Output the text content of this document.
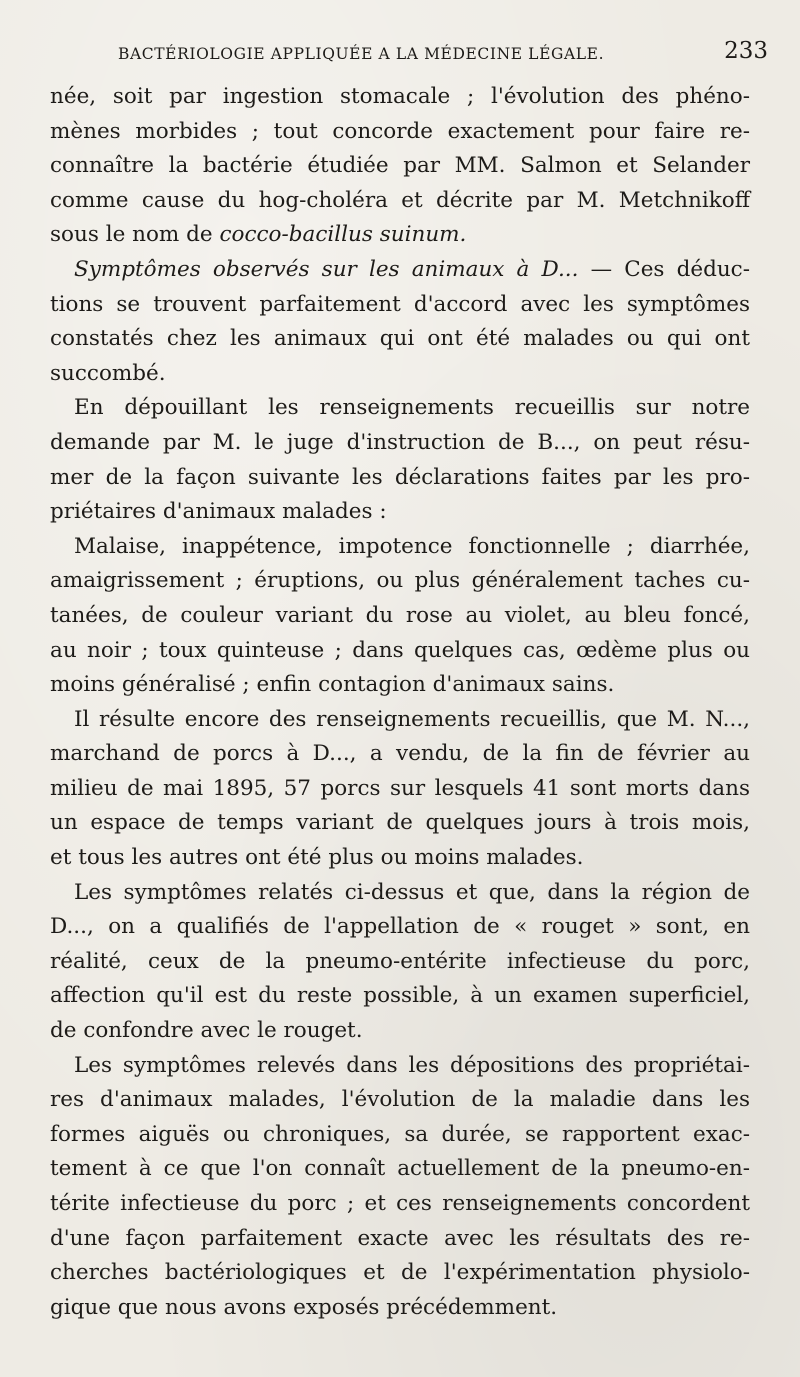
BACTÉRIOLOGIE APPLIQUÉE A LA MÉDECINE LÉGALE.	233
née, soit par ingestion stomacale ; l'évolution des phéno-
mènes morbides ; tout concorde exactement pour faire re-
connaître la bactérie étudiée par MM. Salmon et Selander
comme cause du hog-choléra et décrite par M. Metchnikoff
sous le nom de cocco-bacillus suinum.
Symptômes observés sur les animaux à D... — Ces déduc-
tions se trouvent parfaitement d'accord avec les symptômes
constatés chez les animaux qui ont été malades ou qui ont
succombé.
En dépouillant les renseignements recueillis sur notre
demande par M. le juge d'instruction de B..., on peut résu-
mer de la façon suivante les déclarations faites par les pro-
priétaires d'animaux malades :
Malaise, inappétence, impotence fonctionnelle ; diarrhée,
amaigrissement ; éruptions, ou plus généralement taches cu-
tanées, de couleur variant du rose au violet, au bleu foncé,
au noir ; toux quinteuse ; dans quelques cas, œdème plus ou
moins généralisé ; enfin contagion d'animaux sains.
Il résulte encore des renseignements recueillis, que M. N...,
marchand de porcs à D..., a vendu, de la fin de février au
milieu de mai 1895, 57 porcs sur lesquels 41 sont morts dans
un espace de temps variant de quelques jours à trois mois,
et tous les autres ont été plus ou moins malades.
Les symptômes relatés ci-dessus et que, dans la région de
D..., on a qualifiés de l'appellation de « rouget » sont, en
réalité, ceux de la pneumo-entérite infectieuse du porc,
affection qu'il est du reste possible, à un examen superficiel,
de confondre avec le rouget.
Les symptômes relevés dans les dépositions des propriétai-
res d'animaux malades, l'évolution de la maladie dans les
formes aiguës ou chroniques, sa durée, se rapportent exac-
tement à ce que l'on connaît actuellement de la pneumo-en-
térite infectieuse du porc ; et ces renseignements concordent
d'une façon parfaitement exacte avec les résultats des re-
cherches bactériologiques et de l'expérimentation physiolo-
gique que nous avons exposés précédemment.
